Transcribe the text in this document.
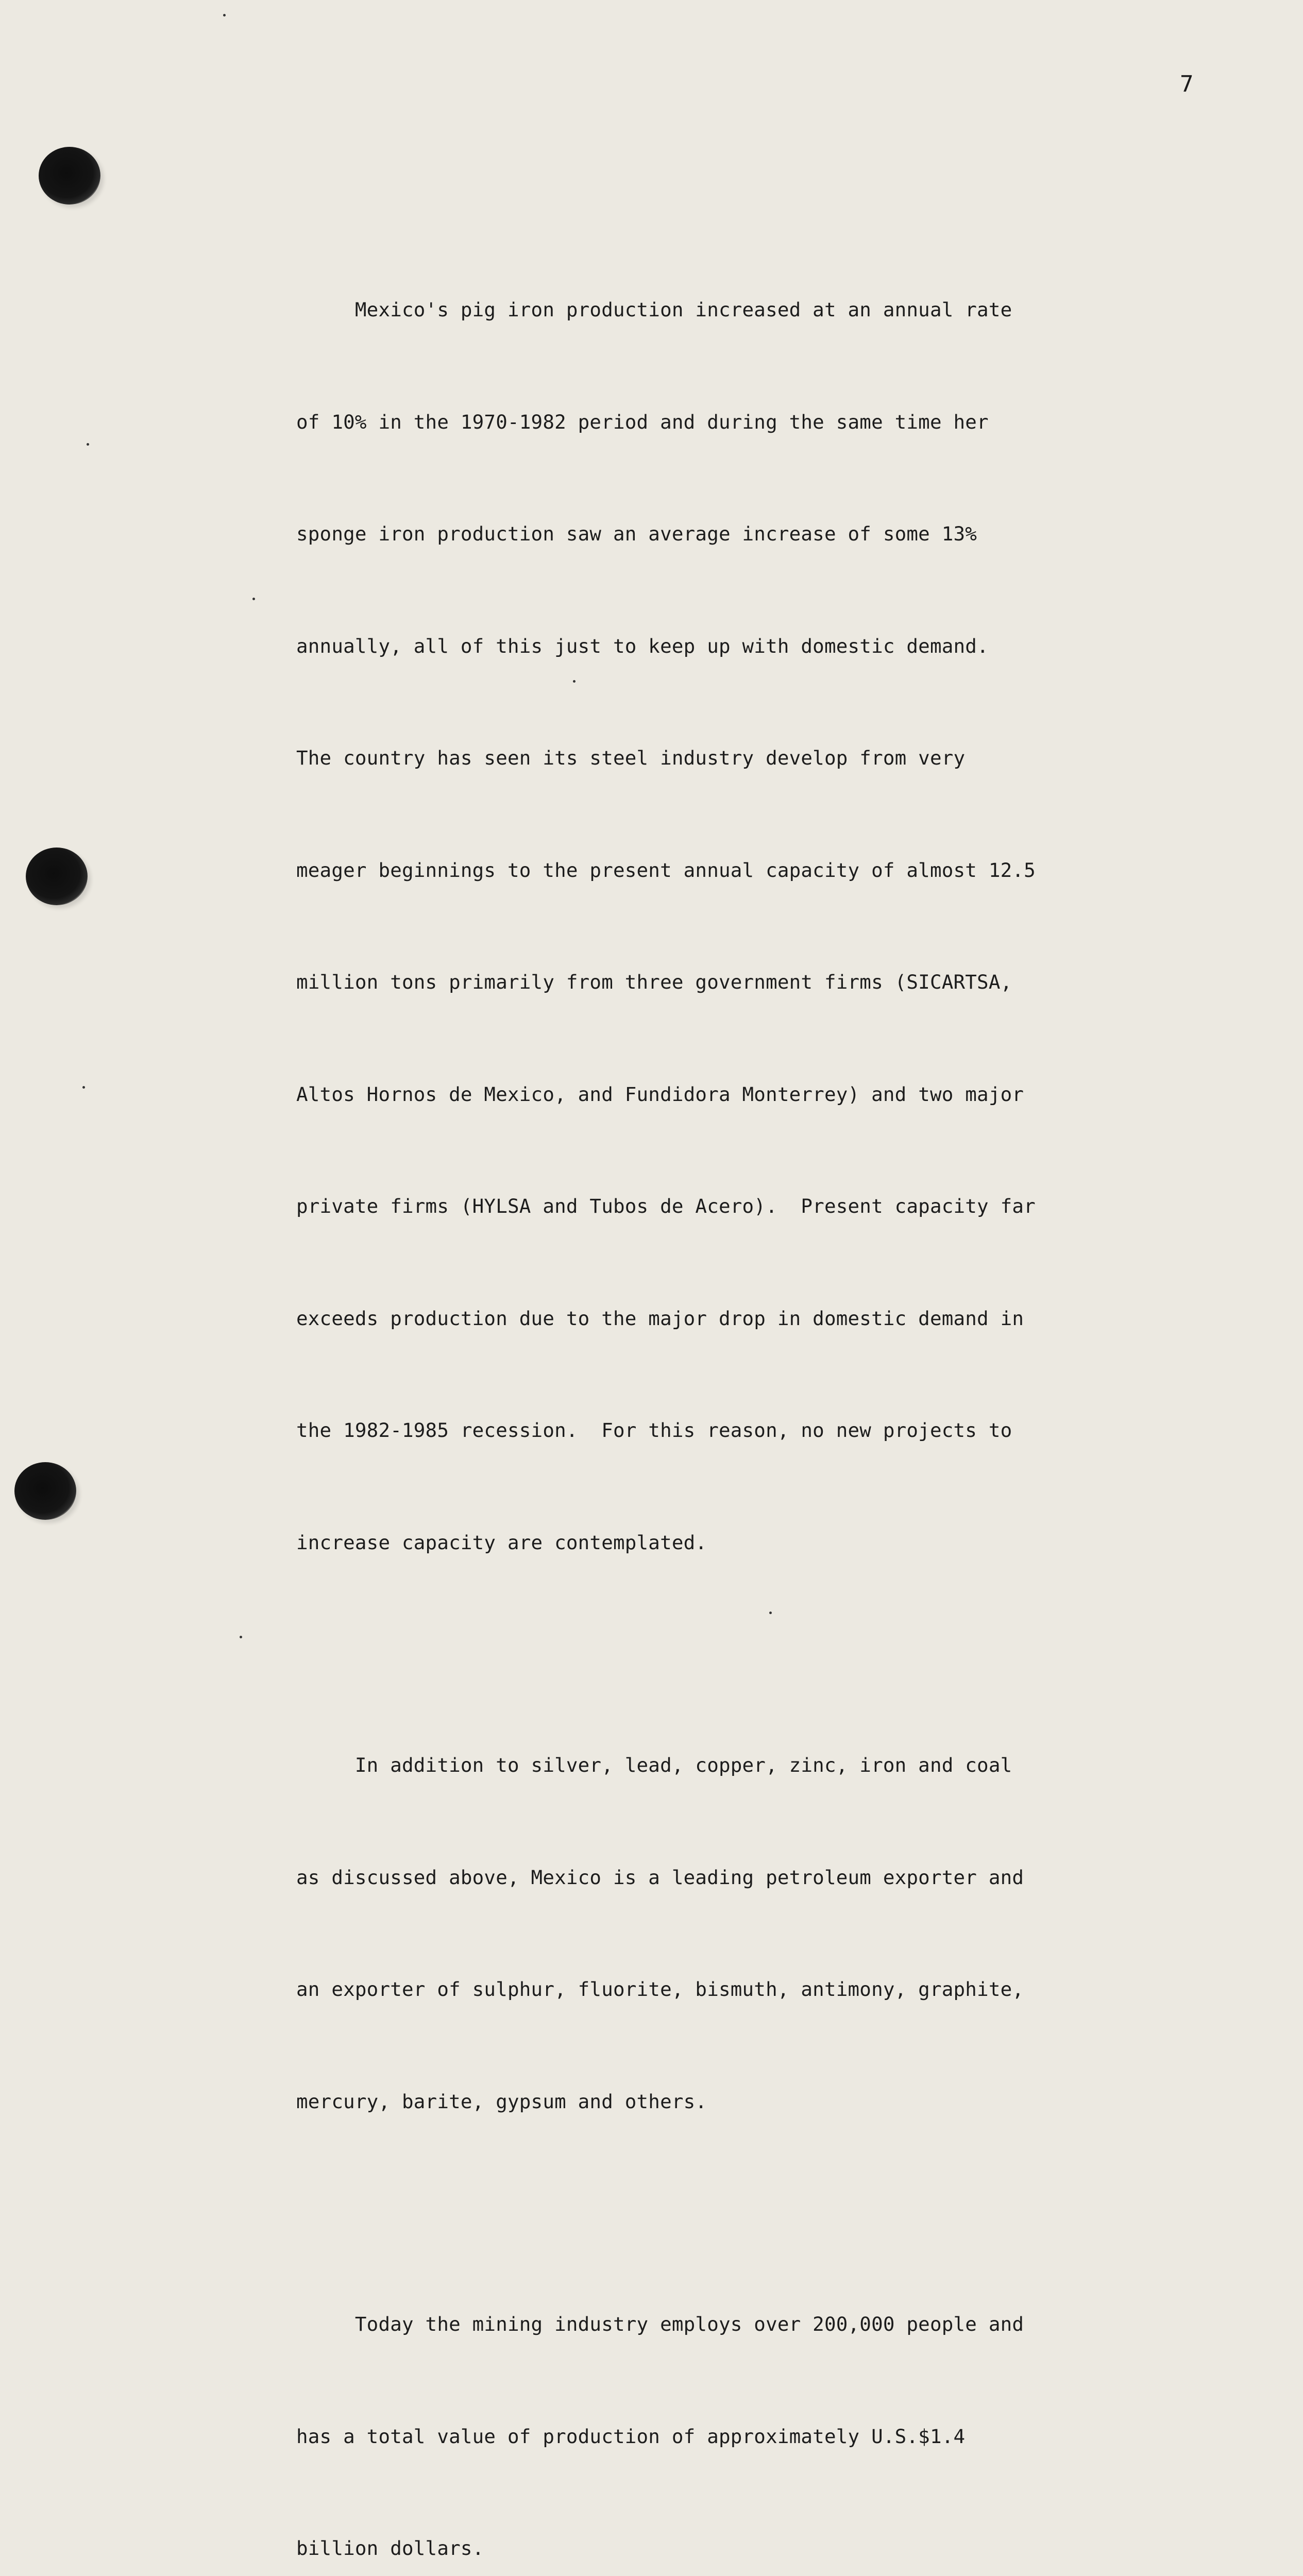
7

Mexico's pig iron production increased at an annual rate

of 10% in the 1970-1982 period and during the same time her

sponge iron production saw an average increase of some 13%

annually, all of this just to keep up with domestic demand.

The country has seen its steel industry develop from very

meager beginnings to the present annual capacity of almost 12.5

million tons primarily from three government firms (SICARTSA,

Altos Hornos de Mexico, and Fundidora Monterrey) and two major

private firms (HYLSA and Tubos de Acero).  Present capacity far

exceeds production due to the major drop in domestic demand in

the 1982-1985 recession.  For this reason, no new projects to

increase capacity are contemplated.

In addition to silver, lead, copper, zinc, iron and coal

as discussed above, Mexico is a leading petroleum exporter and

an exporter of sulphur, fluorite, bismuth, antimony, graphite,

mercury, barite, gypsum and others.

Today the mining industry employs over 200,000 people and

has a total value of production of approximately U.S.$1.4

billion dollars.
